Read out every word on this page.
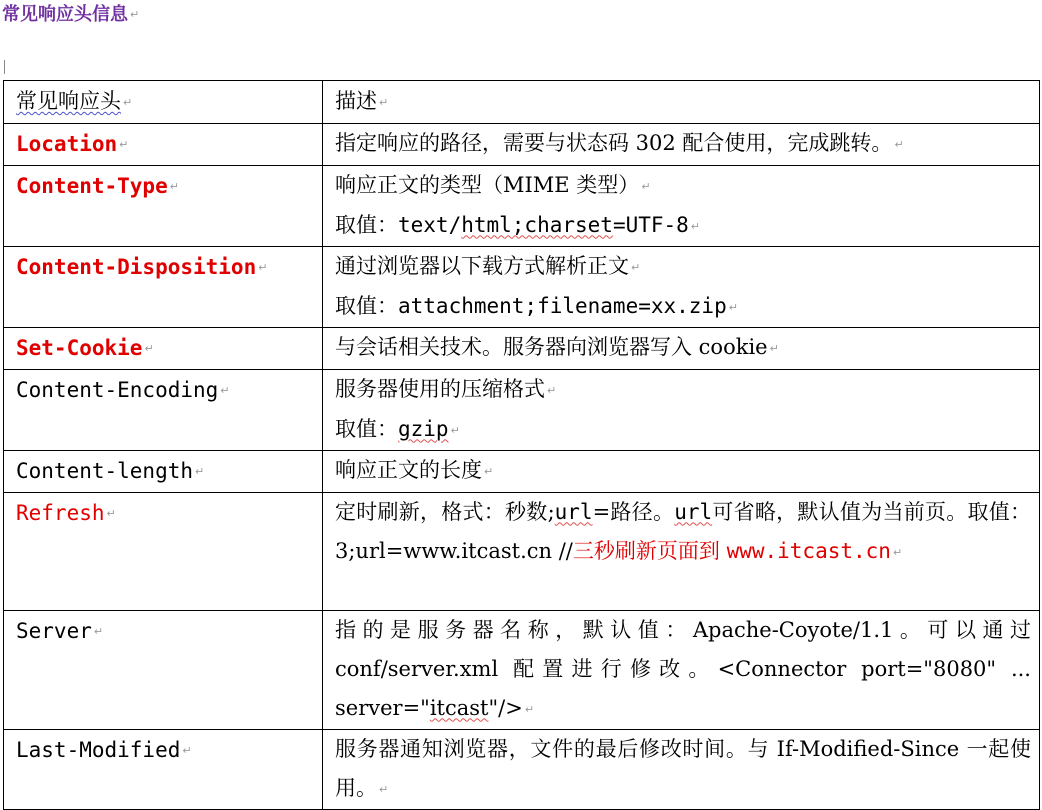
常见响应头信息 ↵
常见响应头 ↵	描述 ↵
Location ↵	指定响应的路径，需要与状态码 302 配合使用，完成跳转。 ↵
Content-Type ↵	响应正文的类型（MIME 类型） ↵
取值：text/html;charset=UTF-8 ↵

Content-Disposition ↵	通过浏览器以下载方式解析正文 ↵
取值：attachment;filename=xx.zip ↵

Set-Cookie ↵	与会话相关技术。服务器向浏览器写入 cookie ↵
Content-Encoding ↵	服务器使用的压缩格式 ↵
取值：gzip ↵

Content-length ↵	响应正文的长度 ↵
Refresh ↵	定时刷新，格式：秒数;url=路径。url可省略，默认值为当前页。取值：3;url=www.itcast.cn //三秒刷新页面到 www.itcast.cn ↵
Server ↵	指的是服务器名称，默认值：Apache-Coyote/1.1。可以通过 conf/server.xml 配置进行修改。<Connector port="8080" ... server="itcast"/> ↵
Last-Modified ↵	服务器通知浏览器，文件的最后修改时间。与 If-Modified-Since 一起使用。 ↵
